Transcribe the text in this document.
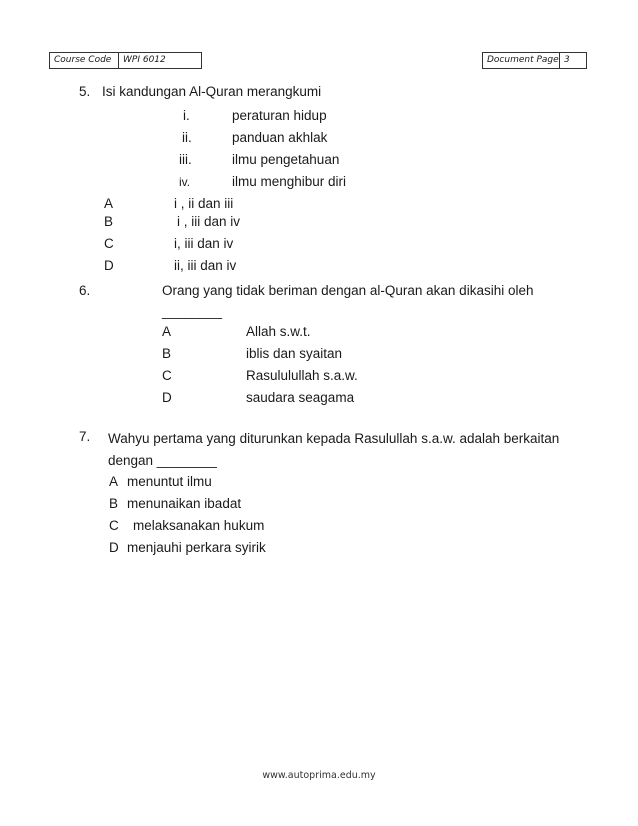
Course Code	WPI 6012	Document Page 3
5. Isi kandungan Al-Quran merangkumi
i.	peraturan hidup
ii.	panduan akhlak
iii.	ilmu pengetahuan
iv.	ilmu menghibur diri
A	i , ii dan iii
B	i , iii dan iv
C	i, iii dan iv
D	ii, iii dan iv
6.	Orang yang tidak beriman dengan al-Quran akan dikasihi oleh
________
A	Allah s.w.t.
B	iblis dan syaitan
C	Rasululullah s.a.w.
D	saudara seagama
7. Wahyu pertama yang diturunkan kepada Rasulullah s.a.w. adalah berkaitan
dengan ________
A menuntut ilmu
B menunaikan ibadat
C melaksanakan hukum
D menjauhi perkara syirik
www.autoprima.edu.my
